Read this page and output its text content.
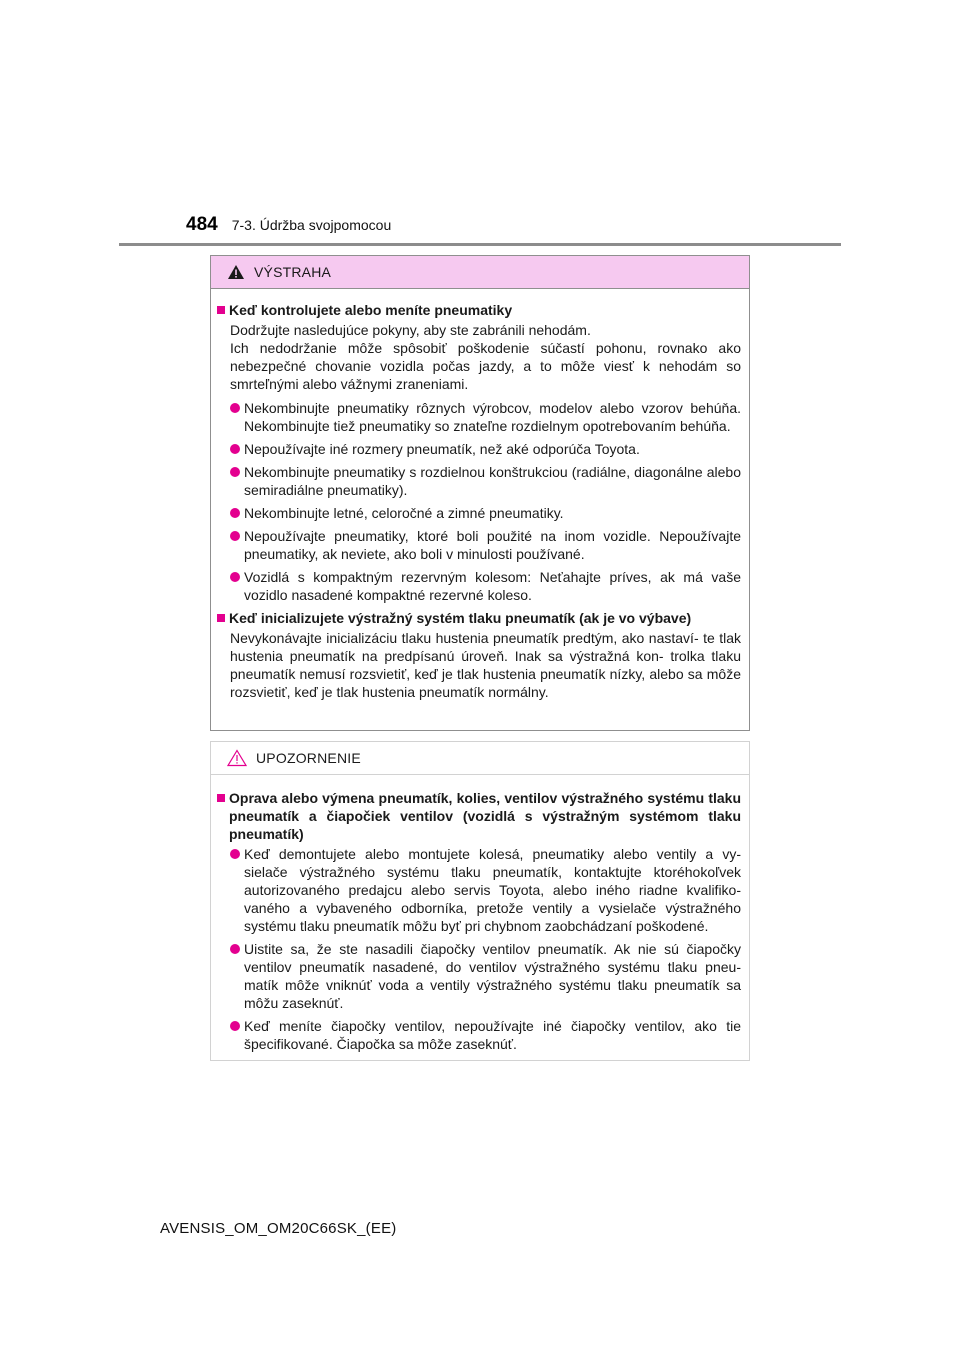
484 7-3. Údržba svojpomocou
VÝSTRAHA
Keď kontrolujete alebo meníte pneumatiky

Dodržujte nasledujúce pokyny, aby ste zabránili nehodám.

Ich nedodržanie môže spôsobiť poškodenie súčastí pohonu, rovnako ako nebezpečné chovanie vozidla počas jazdy, a to môže viesť k nehodám so smrteľnými alebo vážnymi zraneniami.

Nekombinujte pneumatiky rôznych výrobcov, modelov alebo vzorov behúňa. Nekombinujte tiež pneumatiky so znateľne rozdielnym opotrebovaním behúňa.
Nepoužívajte iné rozmery pneumatík, než aké odporúča Toyota.
Nekombinujte pneumatiky s rozdielnou konštrukciou (radiálne, diagonálne alebo semiradiálne pneumatiky).
Nekombinujte letné, celoročné a zimné pneumatiky.
Nepoužívajte pneumatiky, ktoré boli použité na inom vozidle. Nepoužívajte pneumatiky, ak neviete, ako boli v minulosti používané.
Vozidlá s kompaktným rezervným kolesom: Neťahajte príves, ak má vaše vozidlo nasadené kompaktné rezervné koleso.
Keď inicializujete výstražný systém tlaku pneumatík (ak je vo výbave)

Nevykonávajte inicializáciu tlaku hustenia pneumatík predtým, ako nastaví- te tlak hustenia pneumatík na predpísanú úroveň. Inak sa výstražná kon- trolka tlaku pneumatík nemusí rozsvietiť, keď je tlak hustenia pneumatík nízky, alebo sa môže rozsvietiť, keď je tlak hustenia pneumatík normálny.

UPOZORNENIE
Oprava alebo výmena pneumatík, kolies, ventilov výstražného systému tlaku pneumatík a čiapočiek ventilov (vozidlá s výstražným systémom tlaku pneumatík)
Keď demontujete alebo montujete kolesá, pneumatiky alebo ventily a vy- sielače výstražného systému tlaku pneumatík, kontaktujte ktoréhokoľvek autorizovaného predajcu alebo servis Toyota, alebo iného riadne kvalifiko- vaného a vybaveného odborníka, pretože ventily a vysielače výstražného systému tlaku pneumatík môžu byť pri chybnom zaobchádzaní poškodené.
Uistite sa, že ste nasadili čiapočky ventilov pneumatík. Ak nie sú čiapočky ventilov pneumatík nasadené, do ventilov výstražného systému tlaku pneu- matík môže vniknúť voda a ventily výstražného systému tlaku pneumatík sa môžu zaseknúť.
Keď meníte čiapočky ventilov, nepoužívajte iné čiapočky ventilov, ako tie špecifikované. Čiapočka sa môže zaseknúť.
AVENSIS_OM_OM20C66SK_(EE)
